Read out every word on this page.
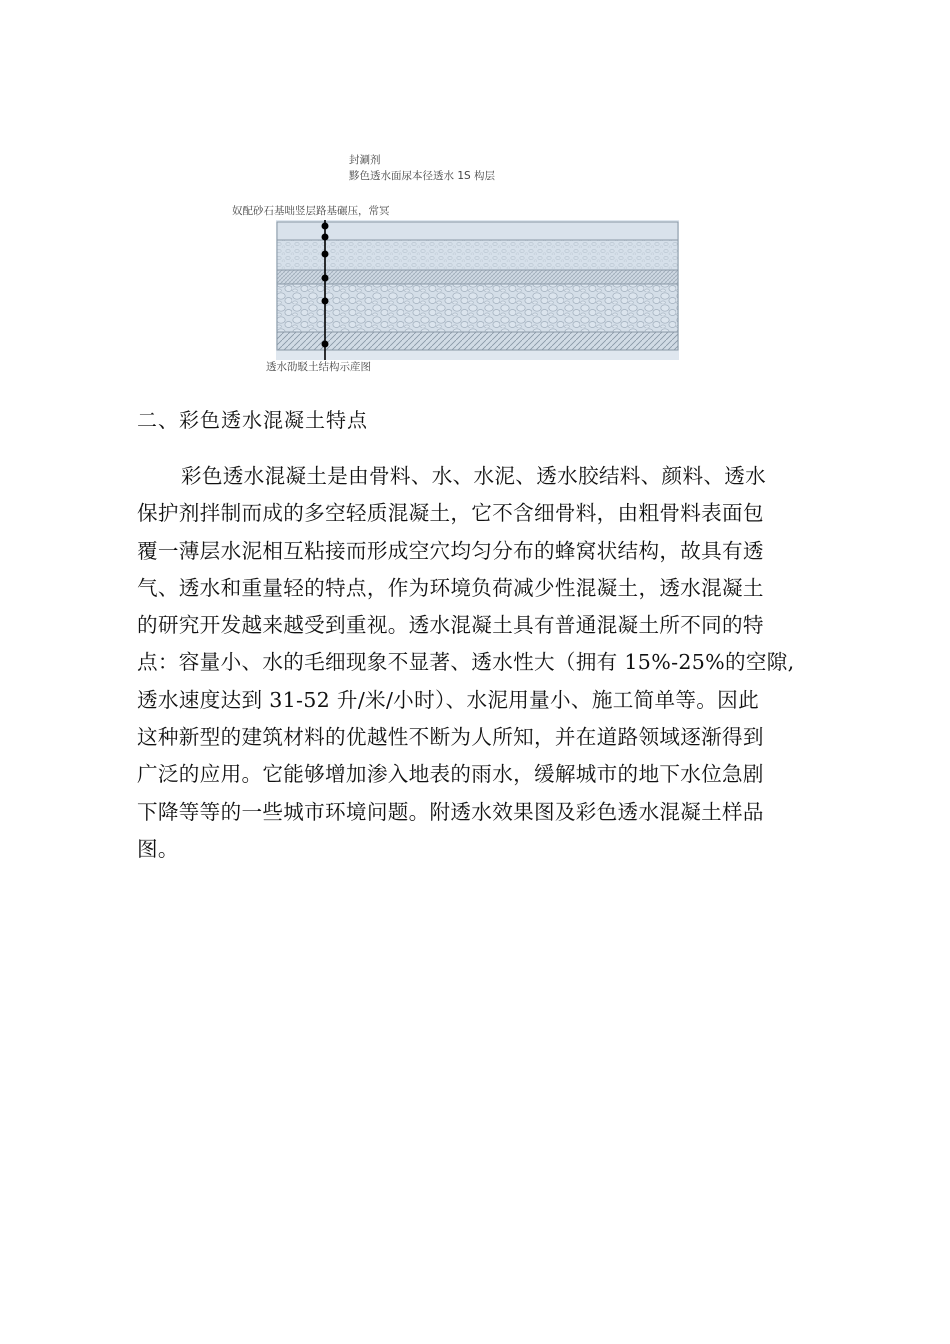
封涮剂
黟色透水面尿本径透水 1S 构层
奴配砂石基咄竖层路基碾压，常冥
透水劭駁土结构示産图
二、彩色透水混凝土特点
彩色透水混凝土是由骨料、水、水泥、透水胶结料、颜料、透水
保护剂拌制而成的多空轻质混凝土，它不含细骨料，由粗骨料表面包
覆一薄层水泥相互粘接而形成空穴均匀分布的蜂窝状结构，故具有透
气、透水和重量轻的特点，作为环境负荷减少性混凝土，透水混凝土
的研究开发越来越受到重视。透水混凝土具有普通混凝土所不同的特
点：容量小、水的毛细现象不显著、透水性大（拥有 15%-25%的空隙,
透水速度达到 31-52 升/米/小时）、水泥用量小、施工简单等。因此
这种新型的建筑材料的优越性不断为人所知，并在道路领域逐渐得到
广泛的应用。它能够增加渗入地表的雨水，缓解城市的地下水位急剧
下降等等的一些城市环境问题。附透水效果图及彩色透水混凝土样品
图。
